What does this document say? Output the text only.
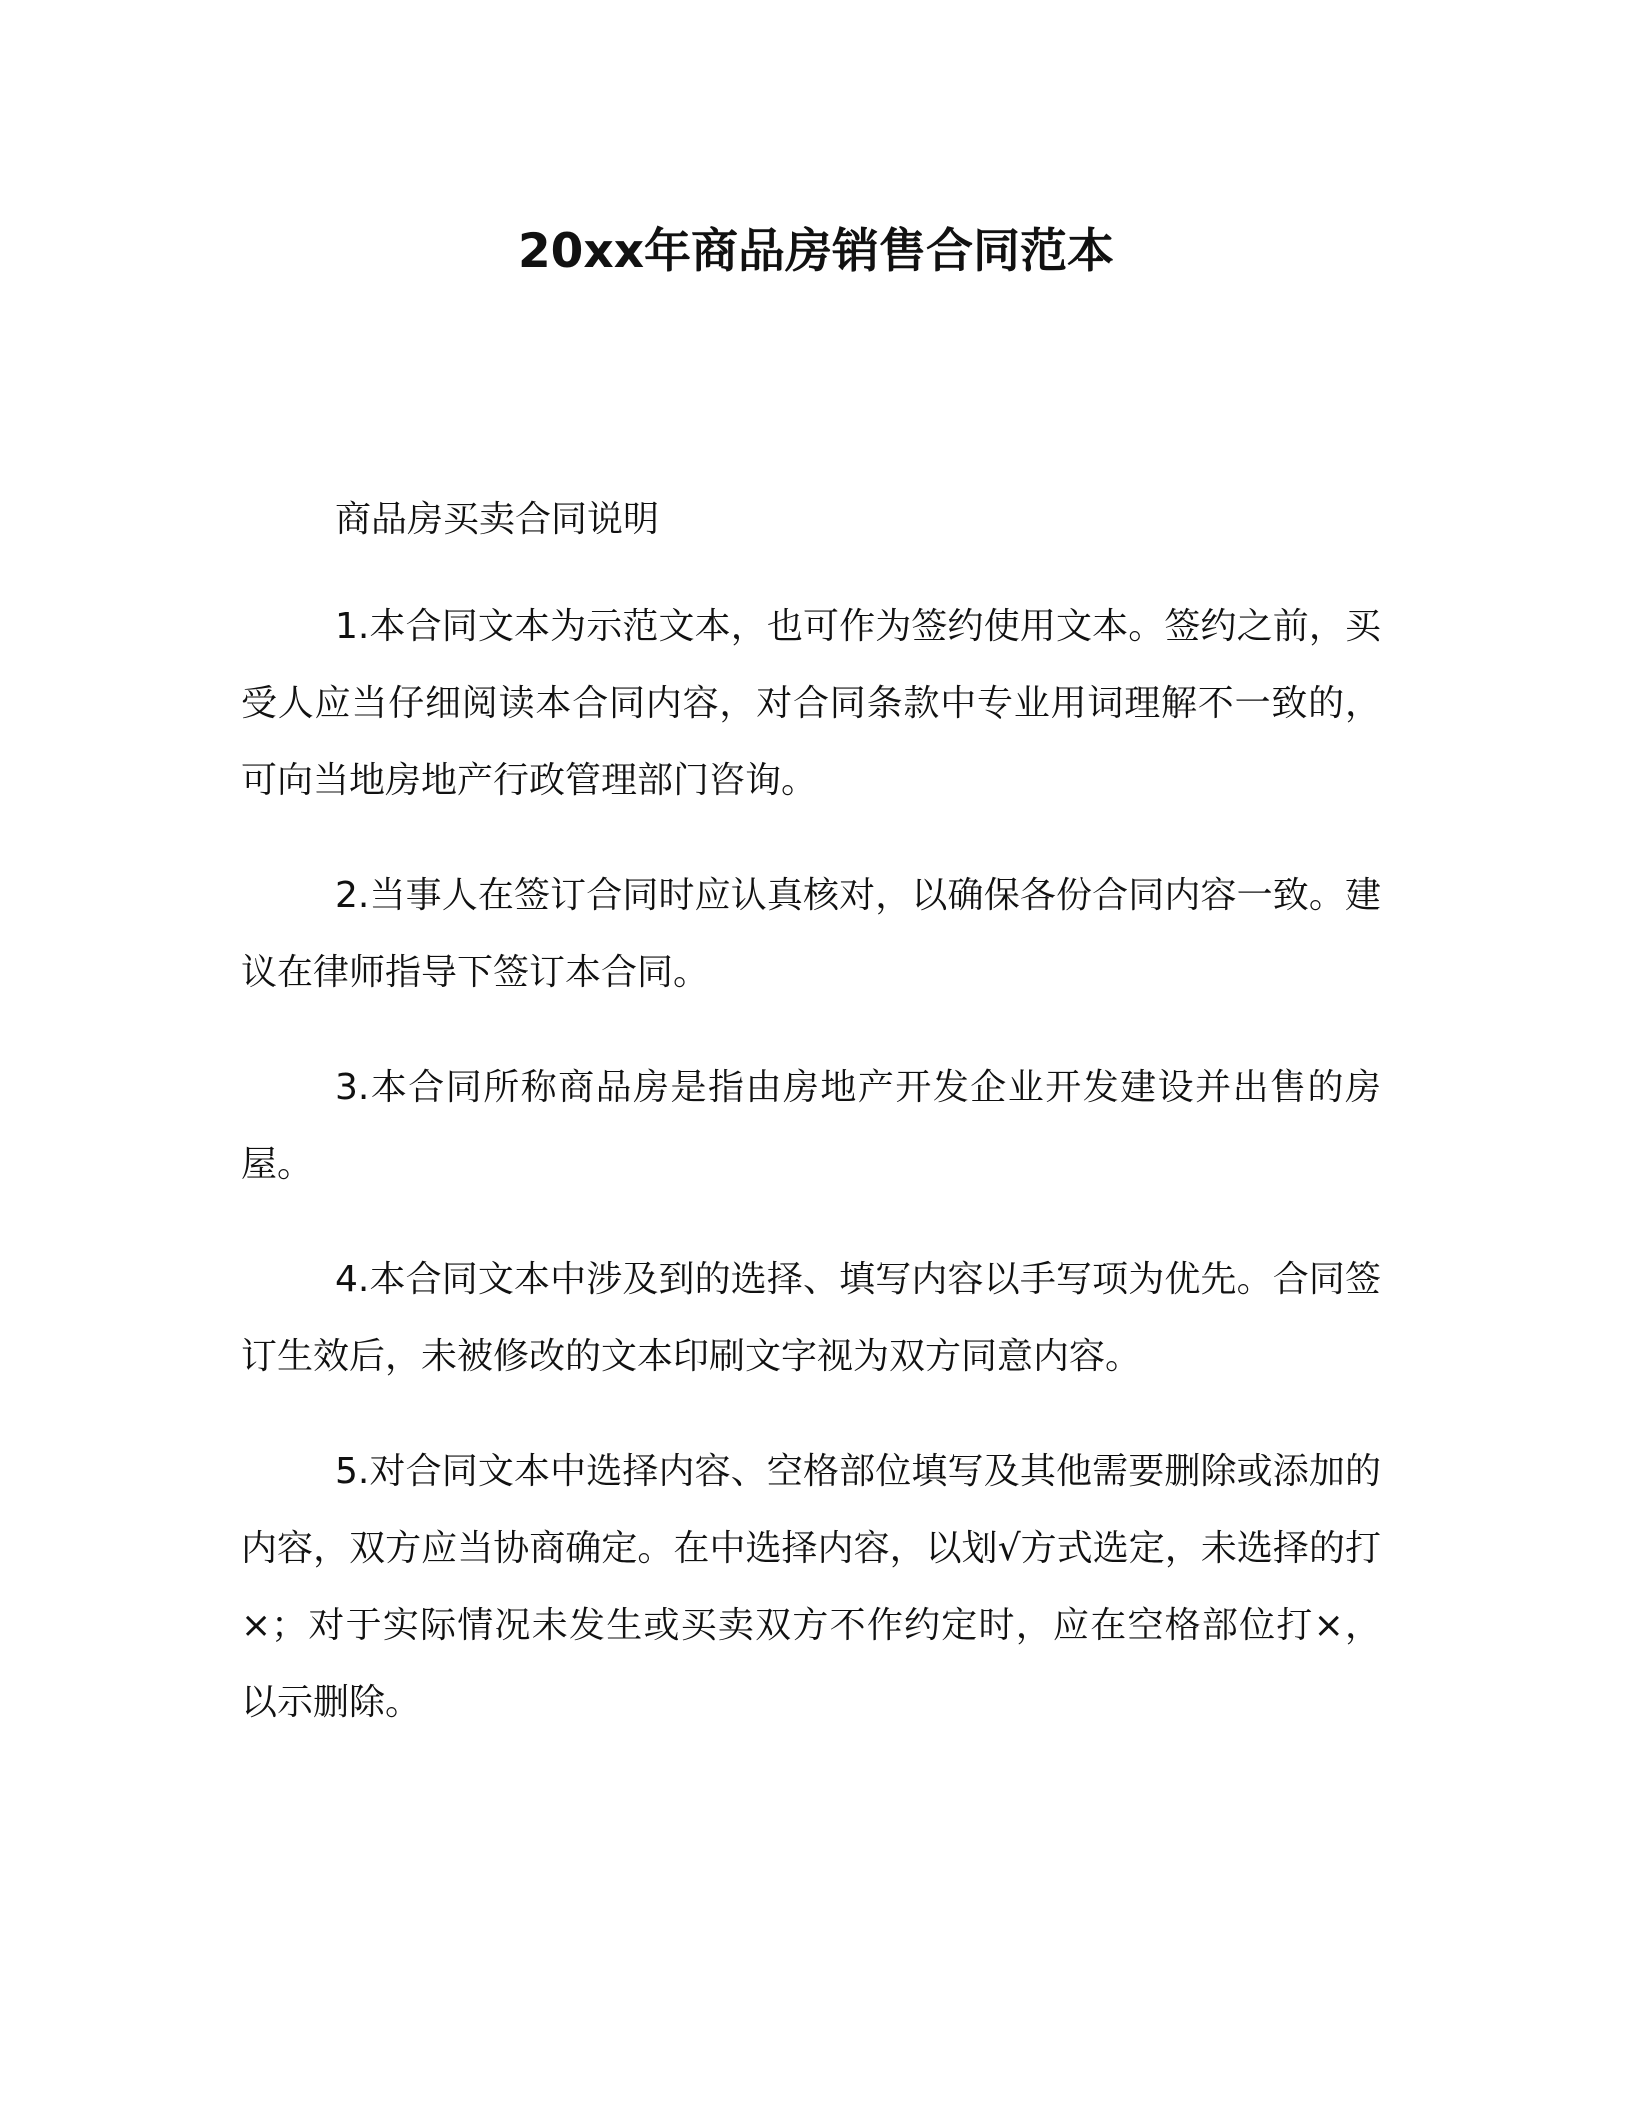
20xx年商品房销售合同范本

商品房买卖合同说明

1.本合同文本为示范文本，也可作为签约使用文本。签约之前，买受人应当仔细阅读本合同内容，对合同条款中专业用词理解不一致的，可向当地房地产行政管理部门咨询。

2.当事人在签订合同时应认真核对，以确保各份合同内容一致。建议在律师指导下签订本合同。

3.本合同所称商品房是指由房地产开发企业开发建设并出售的房屋。

4.本合同文本中涉及到的选择、填写内容以手写项为优先。合同签订生效后，未被修改的文本印刷文字视为双方同意内容。

5.对合同文本中选择内容、空格部位填写及其他需要删除或添加的内容，双方应当协商确定。在中选择内容，以划√方式选定，未选择的打×；对于实际情况未发生或买卖双方不作约定时，应在空格部位打×，以示删除。
